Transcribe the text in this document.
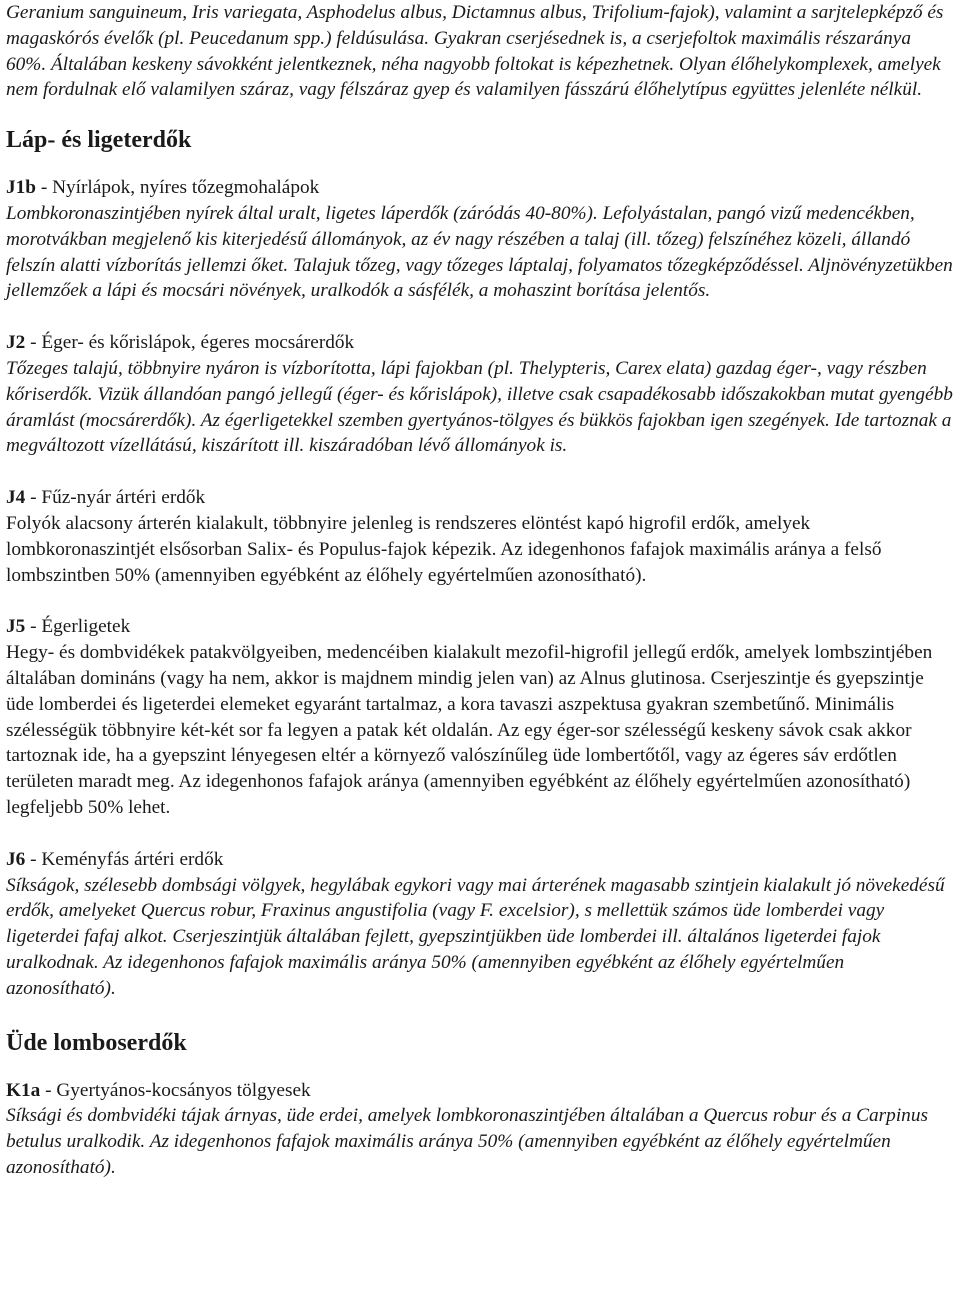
Geranium sanguineum, Iris variegata, Asphodelus albus, Dictamnus albus, Trifolium-fajok), valamint a sarjtelepképző és magaskórós évelők (pl. Peucedanum spp.) feldúsulása. Gyakran cserjésednek is, a cserjefoltok maximális részaránya 60%. Általában keskeny sávokként jelentkeznek, néha nagyobb foltokat is képezhetnek. Olyan élőhelykomplexek, amelyek nem fordulnak elő valamilyen száraz, vagy félszáraz gyep és valamilyen fásszárú élőhelytípus együttes jelenléte nélkül.

Láp- és ligeterdők

J1b - Nyírlápok, nyíres tőzegmohalápok

Lombkoronaszintjében nyírek által uralt, ligetes láperdők (záródás 40-80%). Lefolyástalan, pangó vizű medencékben, morotvákban megjelenő kis kiterjedésű állományok, az év nagy részében a talaj (ill. tőzeg) felszínéhez közeli, állandó felszín alatti vízborítás jellemzi őket. Talajuk tőzeg, vagy tőzeges láptalaj, folyamatos tőzegképződéssel. Aljnövényzetükben jellemzőek a lápi és mocsári növények, uralkodók a sásfélék, a mohaszint borítása jelentős.

J2 - Éger- és kőrislápok, égeres mocsárerdők

Tőzeges talajú, többnyire nyáron is vízborította, lápi fajokban (pl. Thelypteris, Carex elata) gazdag éger-, vagy részben kőriserdők. Vizük állandóan pangó jellegű (éger- és kőrislápok), illetve csak csapadékosabb időszakokban mutat gyengébb áramlást (mocsárerdők). Az égerligetekkel szemben gyertyános-tölgyes és bükkös fajokban igen szegények. Ide tartoznak a megváltozott vízellátású, kiszárított ill. kiszáradóban lévő állományok is.

J4 - Fűz-nyár ártéri erdők

Folyók alacsony árterén kialakult, többnyire jelenleg is rendszeres elöntést kapó higrofil erdők, amelyek lombkoronaszintjét elsősorban Salix- és Populus-fajok képezik. Az idegenhonos fafajok maximális aránya a felső lombszintben 50% (amennyiben egyébként az élőhely egyértelműen azonosítható).

J5 - Égerligetek

Hegy- és dombvidékek patakvölgyeiben, medencéiben kialakult mezofil-higrofil jellegű erdők, amelyek lombszintjében általában domináns (vagy ha nem, akkor is majdnem mindig jelen van) az Alnus glutinosa. Cserjeszintje és gyepszintje üde lomberdei és ligeterdei elemeket egyaránt tartalmaz, a kora tavaszi aszpektusa gyakran szembetűnő. Minimális szélességük többnyire két-két sor fa legyen a patak két oldalán. Az egy éger-sor szélességű keskeny sávok csak akkor tartoznak ide, ha a gyepszint lényegesen eltér a környező valószínűleg üde lombertőtől, vagy az égeres sáv erdőtlen területen maradt meg. Az idegenhonos fafajok aránya (amennyiben egyébként az élőhely egyértelműen azonosítható) legfeljebb 50% lehet.

J6 - Keményfás ártéri erdők

Síkságok, szélesebb dombsági völgyek, hegylábak egykori vagy mai árterének magasabb szintjein kialakult jó növekedésű erdők, amelyeket Quercus robur, Fraxinus angustifolia (vagy F. excelsior), s mellettük számos üde lomberdei vagy ligeterdei fafaj alkot. Cserjeszintjük általában fejlett, gyepszintjükben üde lomberdei ill. általános ligeterdei fajok uralkodnak. Az idegenhonos fafajok maximális aránya 50% (amennyiben egyébként az élőhely egyértelműen azonosítható).

Üde lomboserdők

K1a - Gyertyános-kocsányos tölgyesek

Síksági és dombvidéki tájak árnyas, üde erdei, amelyek lombkoronaszintjében általában a Quercus robur és a Carpinus betulus uralkodik. Az idegenhonos fafajok maximális aránya 50% (amennyiben egyébként az élőhely egyértelműen azonosítható).
